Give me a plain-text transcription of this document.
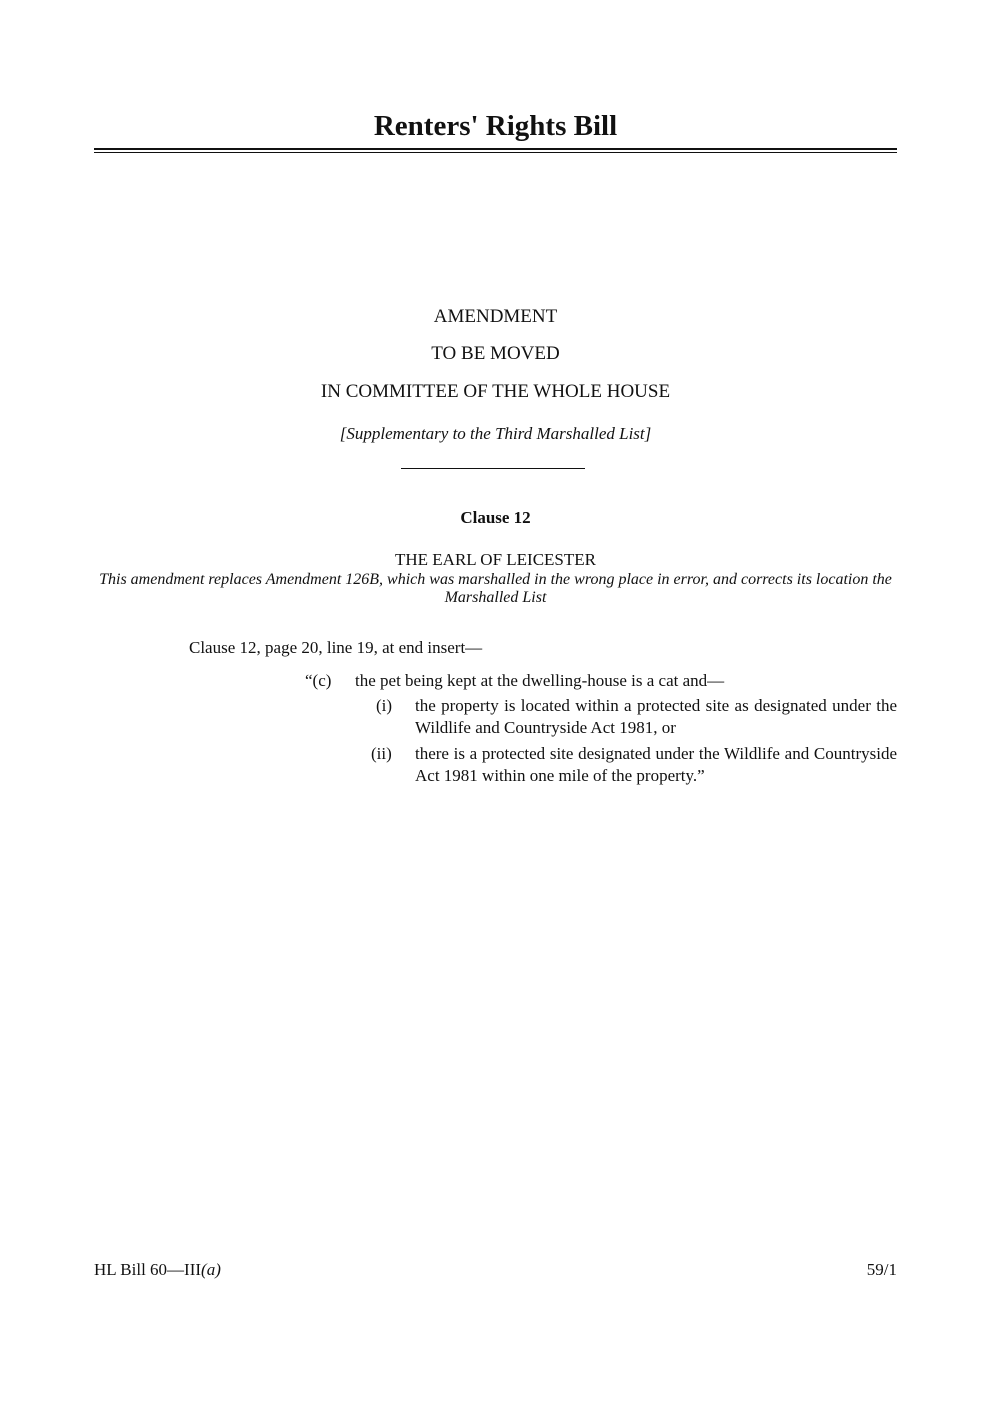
Renters' Rights Bill
AMENDMENT
TO BE MOVED
IN COMMITTEE OF THE WHOLE HOUSE
[Supplementary to the Third Marshalled List]
Clause 12
THE EARL OF LEICESTER
This amendment replaces Amendment 126B, which was marshalled in the wrong place in error, and corrects its location the Marshalled List
Clause 12, page 20, line 19, at end insert—
“(c) the pet being kept at the dwelling-house is a cat and—
(i) the property is located within a protected site as designated under the Wildlife and Countryside Act 1981, or
(ii) there is a protected site designated under the Wildlife and Countryside Act 1981 within one mile of the property.”
HL Bill 60—III(a)	59/1
